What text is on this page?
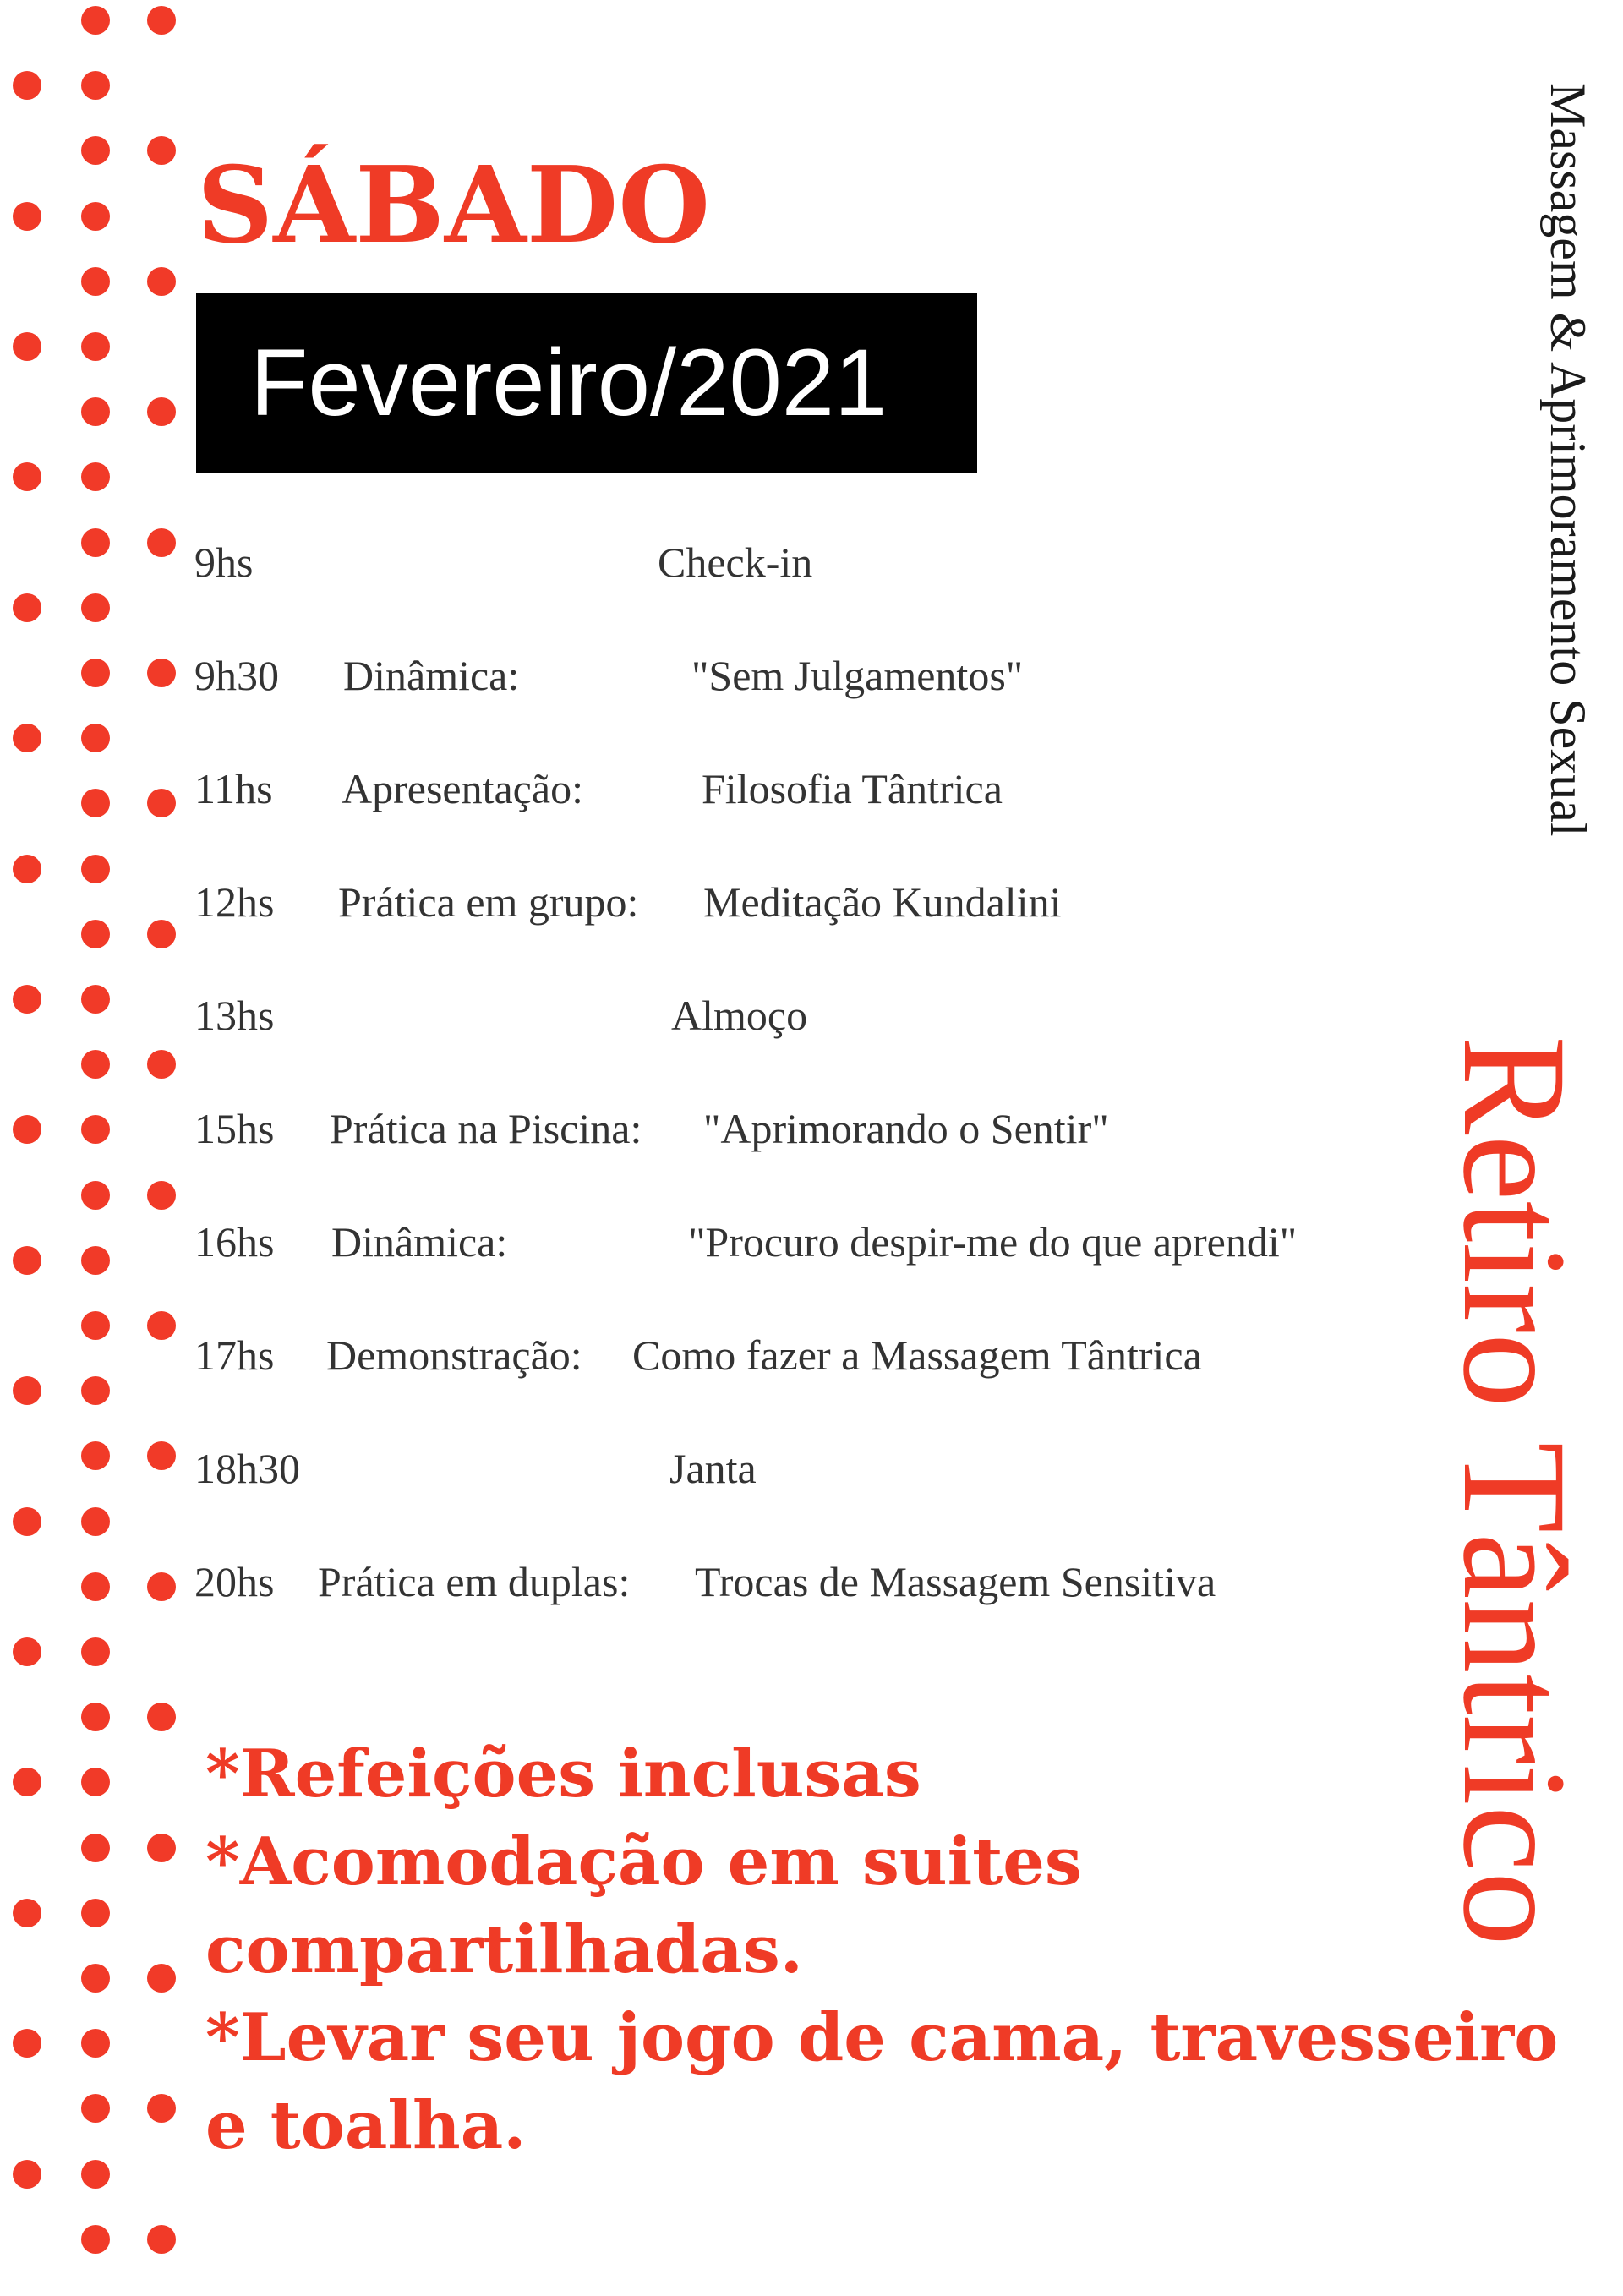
SÁBADO
Fevereiro/2021
9hs	Check-in
9h30 Dinâmica:	"Sem Julgamentos"
11hs Apresentação:	Filosofia Tântrica
12hs Prática em grupo: Meditação Kundalini
13hs	Almoço
15hs Prática na Piscina: "Aprimorando o Sentir"
16hs Dinâmica:	"Procuro despir-me do que aprendi"
17hs Demonstração: Como fazer a Massagem Tântrica
18h30	Janta
20hs Prática em duplas: Trocas de Massagem Sensitiva
*Refeições inclusas
*Acomodação em suites
compartilhadas.
*Levar seu jogo de cama, travesseiro
e toalha.
Massagem & Aprimoramento Sexual
Retiro Tântrico
